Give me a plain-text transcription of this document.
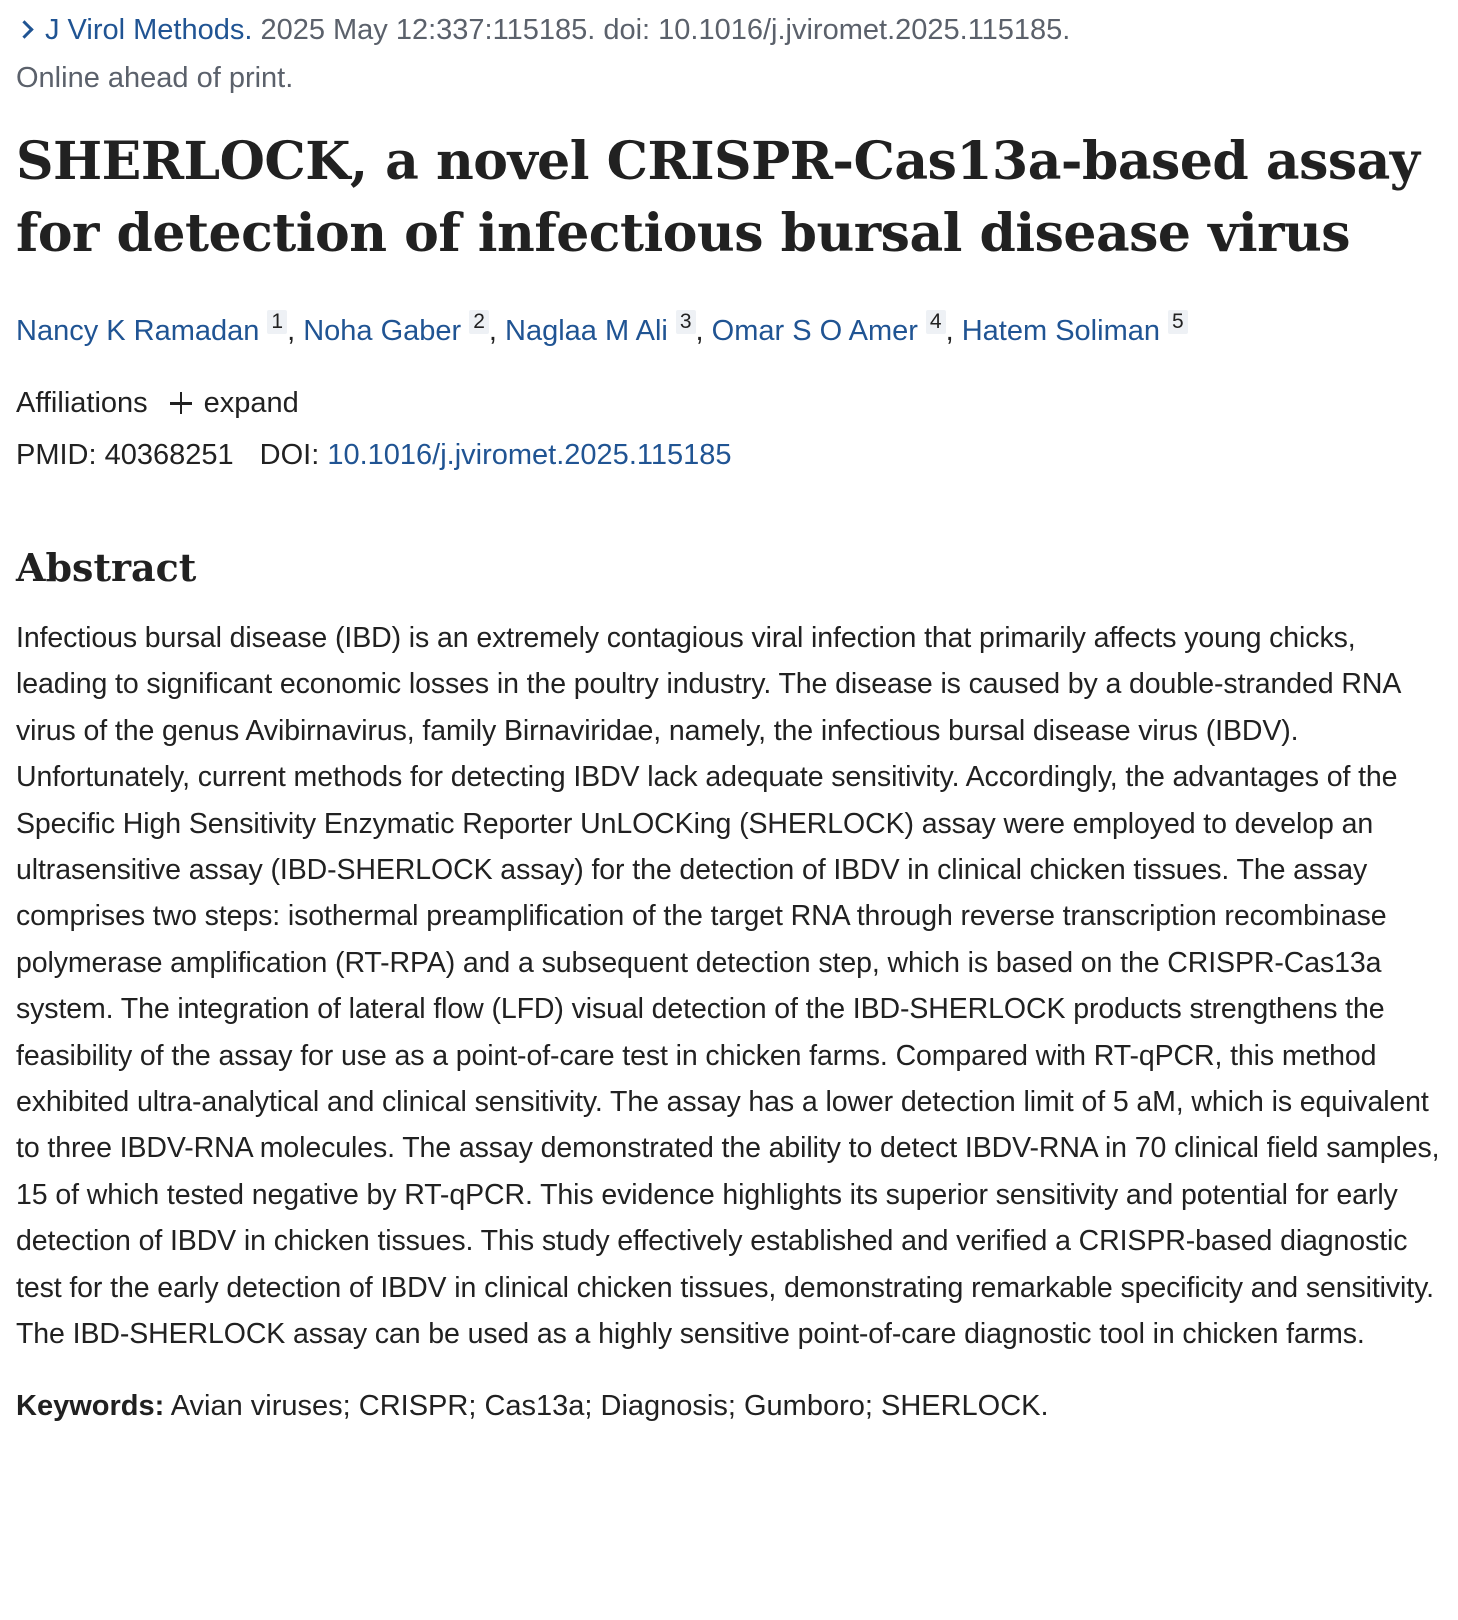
J Virol Methods. 2025 May 12:337:115185. doi: 10.1016/j.jviromet.2025.115185.
Online ahead of print.

SHERLOCK, a novel CRISPR-Cas13a-based assay for detection of infectious bursal disease virus
Nancy K Ramadan 1 , Noha Gaber 2 , Naglaa M Ali 3 , Omar S O Amer 4 , Hatem Soliman 5
Affiliations expand
PMID: 40368251 DOI: 10.1016/j.jviromet.2025.115185
Abstract

Infectious bursal disease (IBD) is an extremely contagious viral infection that primarily affects young chicks, leading to significant economic losses in the poultry industry. The disease is caused by a double-stranded RNA virus of the genus Avibirnavirus, family Birnaviridae, namely, the infectious bursal disease virus (IBDV). Unfortunately, current methods for detecting IBDV lack adequate sensitivity. Accordingly, the advantages of the Specific High Sensitivity Enzymatic Reporter UnLOCKing (SHERLOCK) assay were employed to develop an ultrasensitive assay (IBD-SHERLOCK assay) for the detection of IBDV in clinical chicken tissues. The assay comprises two steps: isothermal preamplification of the target RNA through reverse transcription recombinase polymerase amplification (RT-RPA) and a subsequent detection step, which is based on the CRISPR-Cas13a system. The integration of lateral flow (LFD) visual detection of the IBD-SHERLOCK products strengthens the feasibility of the assay for use as a point-of-care test in chicken farms. Compared with RT-qPCR, this method exhibited ultra-analytical and clinical sensitivity. The assay has a lower detection limit of 5 aM, which is equivalent to three IBDV-RNA molecules. The assay demonstrated the ability to detect IBDV-RNA in 70 clinical field samples, 15 of which tested negative by RT-qPCR. This evidence highlights its superior sensitivity and potential for early detection of IBDV in chicken tissues. This study effectively established and verified a CRISPR-based diagnostic test for the early detection of IBDV in clinical chicken tissues, demonstrating remarkable specificity and sensitivity. The IBD-SHERLOCK assay can be used as a highly sensitive point-of-care diagnostic tool in chicken farms.

Keywords: Avian viruses; CRISPR; Cas13a; Diagnosis; Gumboro; SHERLOCK.
